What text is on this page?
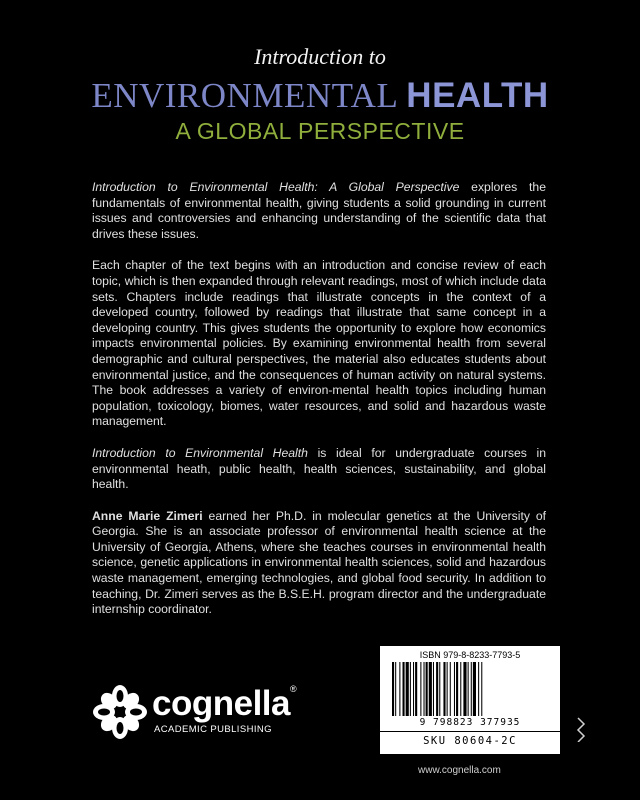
Introduction to
ENVIRONMENTAL HEALTH
A GLOBAL PERSPECTIVE

Introduction to Environmental Health: A Global Perspective explores the fundamentals of environmental health, giving students a solid grounding in current issues and controversies and enhancing understanding of the scientific data that drives these issues.

Each chapter of the text begins with an introduction and concise review of each topic, which is then expanded through relevant readings, most of which include data sets. Chapters include readings that illustrate concepts in the context of a developed country, followed by readings that illustrate that same concept in a developing country. This gives students the opportunity to explore how economics impacts environmental policies. By examining environmental health from several demographic and cultural perspectives, the material also educates students about environmental justice, and the consequences of human activity on natural systems. The book addresses a variety of environ-mental health topics including human population, toxicology, biomes, water resources, and solid and hazardous waste management.

Introduction to Environmental Health is ideal for undergraduate courses in environmental heath, public health, health sciences, sustainability, and global health.

Anne Marie Zimeri earned her Ph.D. in molecular genetics at the University of Georgia. She is an associate professor of environmental health science at the University of Georgia, Athens, where she teaches courses in environmental health science, genetic applications in environmental health sciences, solid and hazardous waste management, emerging technologies, and global food security. In addition to teaching, Dr. Zimeri serves as the B.S.E.H. program director and the undergraduate internship coordinator.

cognella®
ACADEMIC PUBLISHING
ISBN 979-8-8233-7793-5
9 798823 377935
SKU 80604-2C
www.cognella.com
